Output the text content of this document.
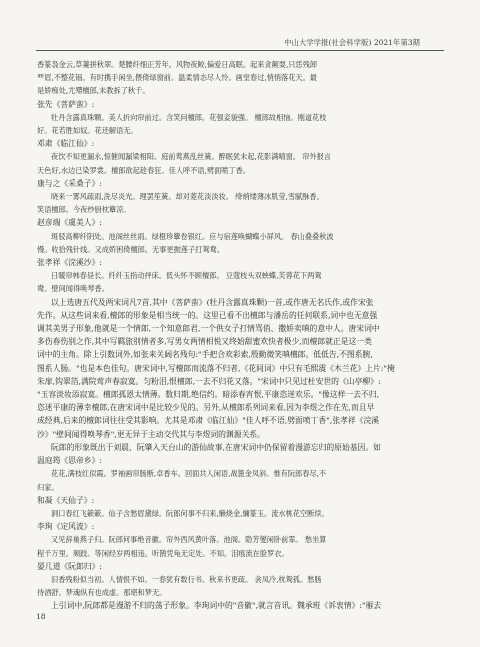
中山大学学报(社会科学版) 2021年第3期
香篆袅金云,草萋拼秋翠。楚腰纤细正芳年。风物夜鲛,偏爱日高眠。起来贪颠耍,只恁残卸
覀眉,不整花钿。有时携手闲坐,偎倚绿窗前。温柔情态尽人怜。画堂春过,悄悄落花天。最
是娇痴处,尤殢檀郎,未教拆了秋千。
张先《菩萨蛮》:
牡丹含露真珠颗。美人折向帘前过。含笑问檀郎。花强妾貌强。 檀郎故相恼。刚道花枝
好。花若胜如奴。花还解语无。
邓肃《临江仙》:
夜饮不知更漏永,惊催闻漏梁相阳。庭前莺燕乱丝簧。醉眠犹未起,花影满晴窗。 帘外报言
天色好,水边已染罗裳。檀郎欲起趁春狂。佳人呼不语,劈面喷丁香。
康与之《采桑子》:
晓来一雾风疏雨,洗尽炎光。理罢笙簧。却对菱花淡淡妆。 绛绡缕薄冰肌莹,雪腻酥香。
笑语檀郎。今夜纱厨枕簟凉。
赵彦端《虞美人》:
斑驳高柳纤阴处。池阁丝丝雨。绿橙珍簟卷银红。应与宿莲唤蝴蝶小屏风。 春山叠叠秋波
慢。收拾残针线。又成娇困倚檀郎。无事更抛莲子打鸳鸯。
张孝祥《浣溪沙》:
日暖帘帏春昼长。纤纤玉指动抨床。低头怀不顾檀郎。 豆蔻枝头双蛱蝶,芙蓉花下两鸳
鸯。壁间闻得唤琴香。
以上选唐五代及两宋词凡7首,其中《菩萨蛮》(牡丹含露真珠颗)一首,或作唐无名氏作,或作宋张
先作。从这些词来看,檀郎的形象是相当统一的。这里已看不出檀郎与潘岳的任何联系,词中也无意强
调其美男子形象,他就是一个情郎,一个知意郎君,一个供女子打情骂俏、撒娇卖嗔的意中人。唐宋词中
多伤春伤别之作,其中写羁旅别情者多,写男女两情相悦又终始甜蜜欢快者极少,而檀郎就正是这一类
词中的主角。除上引数词外,如张来关阔名残句:"手把合欢彩索,殷勤微笑嗔檀郎。低低告,不图系腕,
图系人肠。"也是本色佳句。唐宋词中,写檀郎而流落不归者,《花间词》中只有毛熙震《木兰花》上片:"掩
朱扉,钩翠箔,满院莺声春寂寞。匀粉泪,恨檀郎,一去不归花又落。"宋词中只见过杜安世的《山亭柳》:
"玉容淡妆添寂寞。檀郎孤恩太情薄。数归期,绝信约。暗添春宵恨,平康恣迷欢乐。"像这样一去不归,
恣迷平康的薄幸檀郎,在唐宋词中是比较少见的。另外,从檀郎系列词来看,因为李煜之作在先,而且早
成经典,后来的檀郎词往往受其影响。尤其是邓肃《临江仙》"佳人呼不语,劈面喷丁香",张孝祥《浣溪
沙》"壁间闻得唤琴香",更无异于主动交代其与李煜词的渊源关系。
阮郎的形象既出于刘晨、阮肇入天台山的游仙故事,在唐宋词中仍保留着漫游忘归的原始基因。如
温庭筠《思帝乡》:
花花,满枝红似霞。罗袖画帘肠断,卓香车。回面共人闲语,战篦金凤斜。惟有阮郎春尽,不
归家。
和凝《天仙子》:
洞口春红飞簌簌。仙子含愁眉黛绿。阮郎何事不归来,懒烧金,慵篆玉。流水桃花空断续。
李珣《定风波》:
又见辞巢燕子归。阮郎何事绝音徽。帘外西风黄叶落。池阁。隐芳燮闲卧前霏。 愁坐算
程千万里。频跂。等闲经岁两相违。听鹊凭龟无定处。不知。泪痕流在脸罗衣。
晏几道《阮郎归》:
旧香残粉似当初。人情恨不如。一春犹有数行书。秋来书更疏。 衾凤冷,枕鸳孤。愁肠
待酒舒。梦魂纵有也成虚。那堪和梦无。
上引词中,阮郎都是漫游不归的荡子形象。李珣词中的"音徽",就言音讯。魏承班《诉衷情》:"雁去
18
